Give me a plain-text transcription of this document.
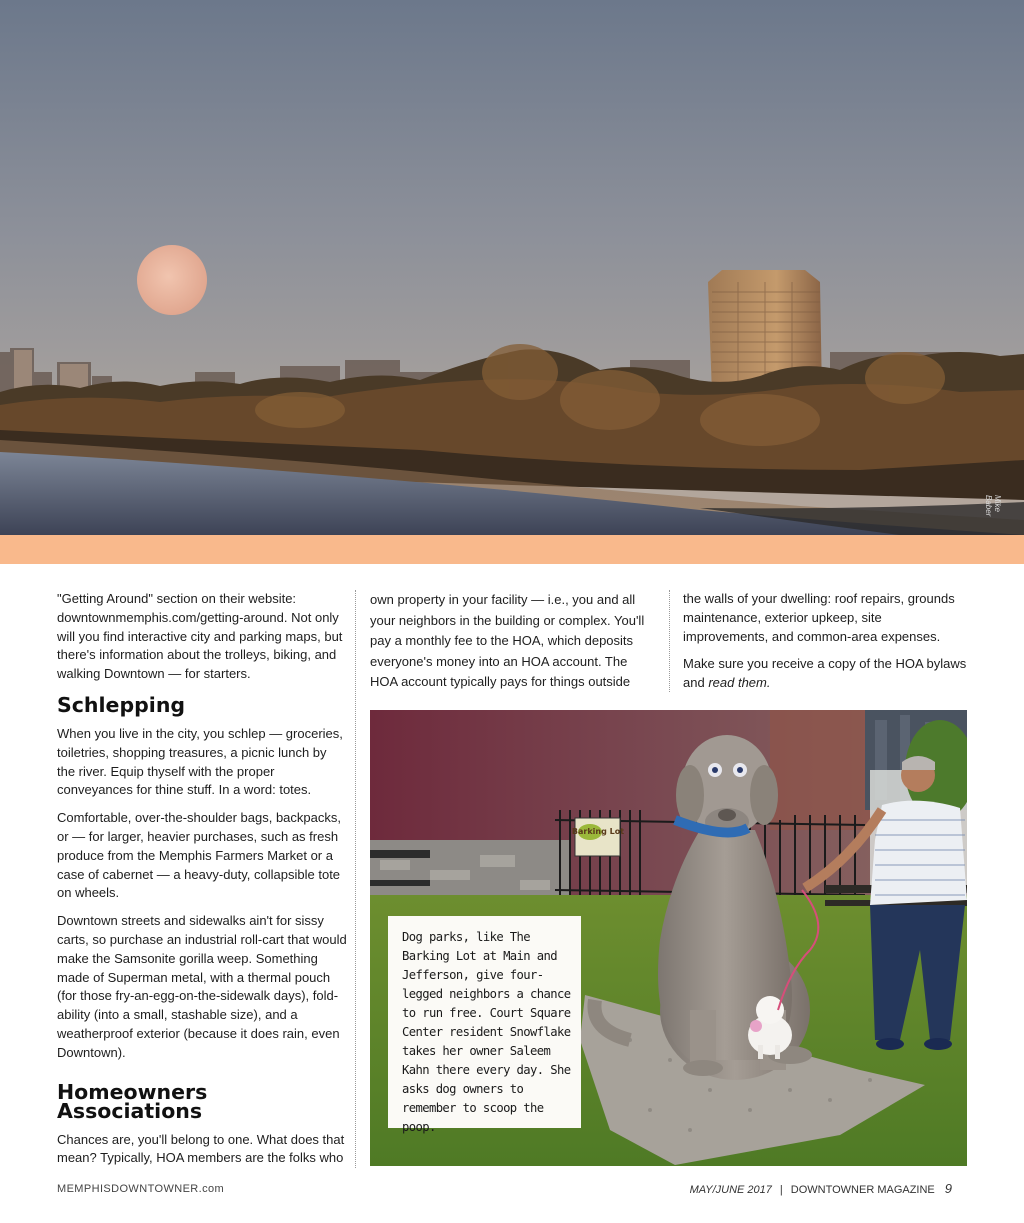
Mike Baber

"Getting Around" section on their website: downtownmemphis.com/getting-around. Not only will you find interactive city and parking maps, but there's information about the trolleys, biking, and walking Downtown — for starters.

Schlepping

When you live in the city, you schlep — groceries, toiletries, shopping treasures, a picnic lunch by the river. Equip thyself with the proper conveyances for thine stuff. In a word: totes.

Comfortable, over-the-shoulder bags, backpacks, or — for larger, heavier purchases, such as fresh produce from the Memphis Farmers Market or a case of cabernet — a heavy-duty, collapsible tote on wheels.

Downtown streets and sidewalks ain't for sissy carts, so purchase an industrial roll-cart that would make the Samsonite gorilla weep. Something made of Superman metal, with a thermal pouch (for those fry-an-egg-on-the-sidewalk days), fold-ability (into a small, stashable size), and a weatherproof exterior (because it does rain, even Downtown).

Homeowners
Associations

Chances are, you'll belong to one. What does that mean? Typically, HOA members are the folks who

own property in your facility — i.e., you and all your neighbors in the building or complex. You'll pay a monthly fee to the HOA, which deposits everyone's money into an HOA account. The HOA account typically pays for things outside

the walls of your dwelling: roof repairs, grounds maintenance, exterior upkeep, site improvements, and common-area expenses.

Make sure you receive a copy of the HOA bylaws and read them.

Barking Lot
Dog parks, like The Barking Lot at Main and Jefferson, give four-legged neighbors a chance to run free. Court Square Center resident Snowflake takes her owner Saleem Kahn there every day. She asks dog owners to remember to scoop the poop.
MEMPHISDOWNTOWNER.com	MAY/JUNE 2017 | DOWNTOWNER MAGAZINE 9
